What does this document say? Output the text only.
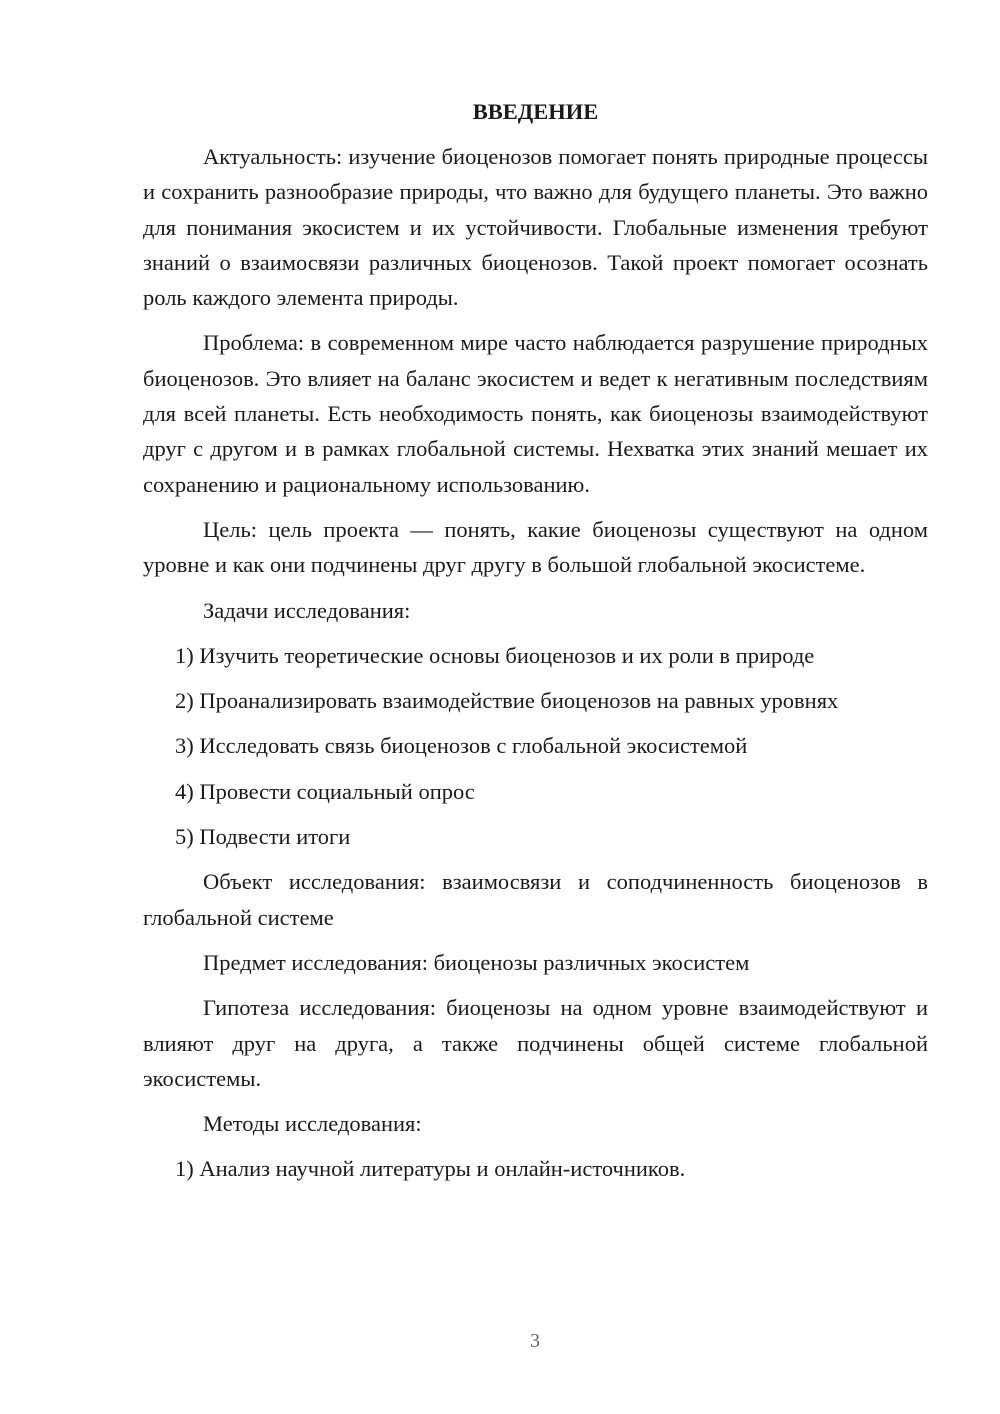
ВВЕДЕНИЕ

Актуальность: изучение биоценозов помогает понять природные процессы и сохранить разнообразие природы, что важно для будущего планеты. Это важно для понимания экосистем и их устойчивости. Глобальные изменения требуют знаний о взаимосвязи различных биоценозов. Такой проект помогает осознать роль каждого элемента природы.

Проблема: в современном мире часто наблюдается разрушение природных биоценозов. Это влияет на баланс экосистем и ведет к негативным последствиям для всей планеты. Есть необходимость понять, как биоценозы взаимодействуют друг с другом и в рамках глобальной системы. Нехватка этих знаний мешает их сохранению и рациональному использованию.

Цель: цель проекта — понять, какие биоценозы существуют на одном уровне и как они подчинены друг другу в большой глобальной экосистеме.

Задачи исследования:

1) Изучить теоретические основы биоценозов и их роли в природе

2) Проанализировать взаимодействие биоценозов на равных уровнях

3) Исследовать связь биоценозов с глобальной экосистемой

4) Провести социальный опрос

5) Подвести итоги

Объект исследования: взаимосвязи и соподчиненность биоценозов в глобальной системе

Предмет исследования: биоценозы различных экосистем

Гипотеза исследования: биоценозы на одном уровне взаимодействуют и влияют друг на друга, а также подчинены общей системе глобальной экосистемы.

Методы исследования:

1) Анализ научной литературы и онлайн-источников.

3
